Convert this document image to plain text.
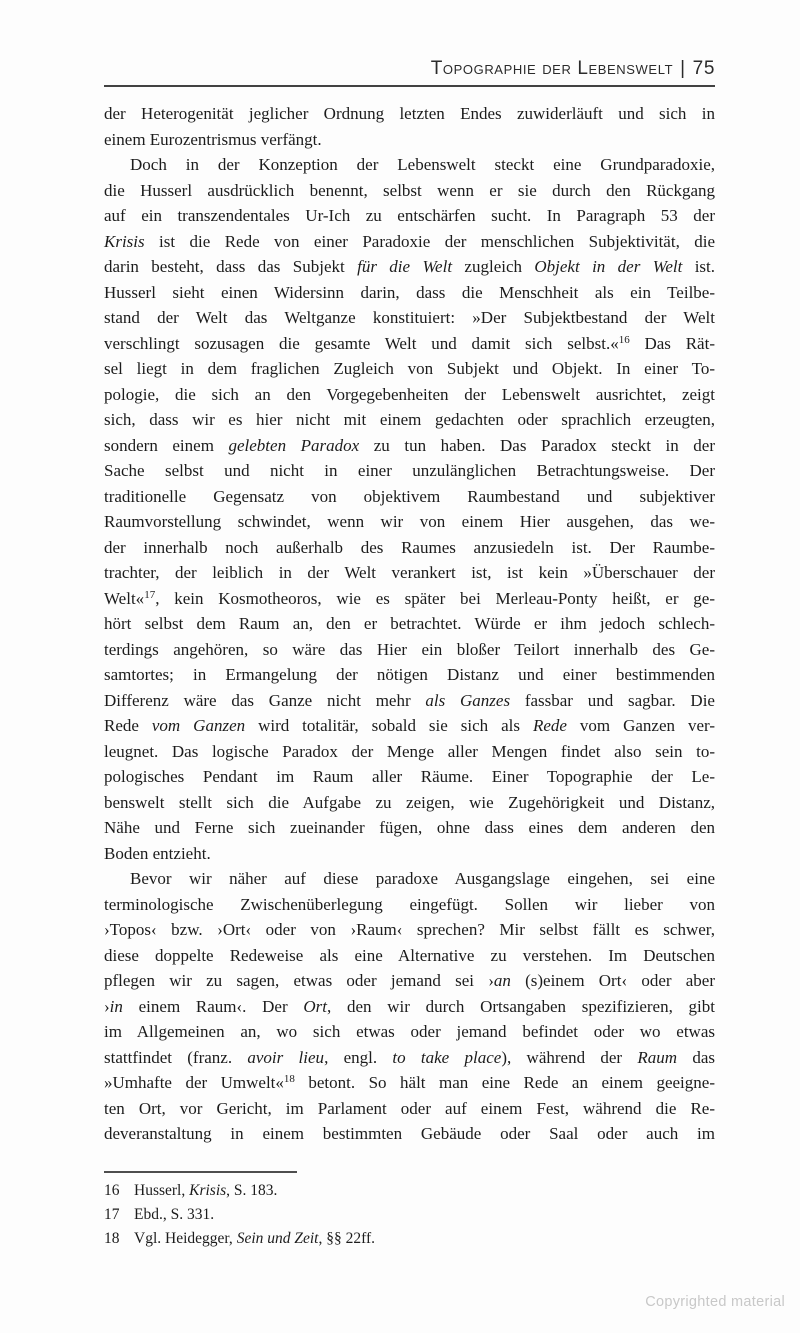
Topographie der Lebenswelt | 75
der Heterogenität jeglicher Ordnung letzten Endes zuwiderläuft und sich in
einem Eurozentrismus verfängt.
Doch in der Konzeption der Lebenswelt steckt eine Grundparadoxie,
die Husserl ausdrücklich benennt, selbst wenn er sie durch den Rückgang
auf ein transzendentales Ur-Ich zu entschärfen sucht. In Paragraph 53 der
Krisis ist die Rede von einer Paradoxie der menschlichen Subjektivität, die
darin besteht, dass das Subjekt für die Welt zugleich Objekt in der Welt ist.
Husserl sieht einen Widersinn darin, dass die Menschheit als ein Teilbe-
stand der Welt das Weltganze konstituiert: »Der Subjektbestand der Welt
verschlingt sozusagen die gesamte Welt und damit sich selbst.«$^{16}$ Das Rät-
sel liegt in dem fraglichen Zugleich von Subjekt und Objekt. In einer To-
pologie, die sich an den Vorgegebenheiten der Lebenswelt ausrichtet, zeigt
sich, dass wir es hier nicht mit einem gedachten oder sprachlich erzeugten,
sondern einem gelebten Paradox zu tun haben. Das Paradox steckt in der
Sache selbst und nicht in einer unzulänglichen Betrachtungsweise. Der
traditionelle Gegensatz von objektivem Raumbestand und subjektiver
Raumvorstellung schwindet, wenn wir von einem Hier ausgehen, das we-
der innerhalb noch außerhalb des Raumes anzusiedeln ist. Der Raumbe-
trachter, der leiblich in der Welt verankert ist, ist kein »Überschauer der
Welt«$^{17}$, kein Kosmotheoros, wie es später bei Merleau-Ponty heißt, er ge-
hört selbst dem Raum an, den er betrachtet. Würde er ihm jedoch schlech-
terdings angehören, so wäre das Hier ein bloßer Teilort innerhalb des Ge-
samtortes; in Ermangelung der nötigen Distanz und einer bestimmenden
Differenz wäre das Ganze nicht mehr als Ganzes fassbar und sagbar. Die
Rede vom Ganzen wird totalitär, sobald sie sich als Rede vom Ganzen ver-
leugnet. Das logische Paradox der Menge aller Mengen findet also sein to-
pologisches Pendant im Raum aller Räume. Einer Topographie der Le-
benswelt stellt sich die Aufgabe zu zeigen, wie Zugehörigkeit und Distanz,
Nähe und Ferne sich zueinander fügen, ohne dass eines dem anderen den
Boden entzieht.
Bevor wir näher auf diese paradoxe Ausgangslage eingehen, sei eine
terminologische Zwischenüberlegung eingefügt. Sollen wir lieber von
›Topos‹ bzw. ›Ort‹ oder von ›Raum‹ sprechen? Mir selbst fällt es schwer,
diese doppelte Redeweise als eine Alternative zu verstehen. Im Deutschen
pflegen wir zu sagen, etwas oder jemand sei ›an (s)einem Ort‹ oder aber
›in einem Raum‹. Der Ort, den wir durch Ortsangaben spezifizieren, gibt
im Allgemeinen an, wo sich etwas oder jemand befindet oder wo etwas
stattfindet (franz. avoir lieu, engl. to take place), während der Raum das
»Umhafte der Umwelt«$^{18}$ betont. So hält man eine Rede an einem geeigne-
ten Ort, vor Gericht, im Parlament oder auf einem Fest, während die Re-
deveranstaltung in einem bestimmten Gebäude oder Saal oder auch im
16 Husserl, Krisis, S. 183.
17 Ebd., S. 331.
18 Vgl. Heidegger, Sein und Zeit, §§ 22ff.
Copyrighted material
